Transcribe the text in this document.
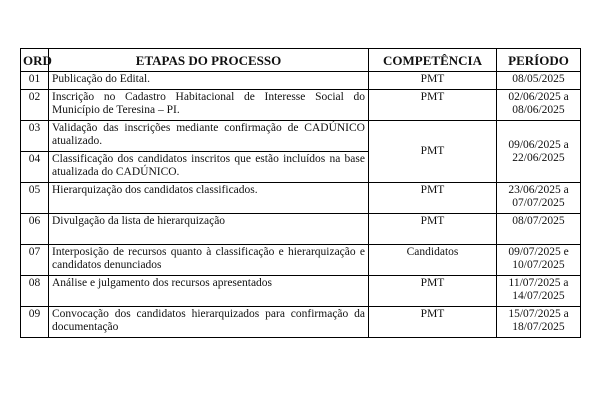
ORD	ETAPAS DO PROCESSO	COMPETÊNCIA	PERÍODO
01	Publicação do Edital.	PMT	08/05/2025
02	Inscrição no Cadastro Habitacional de Interesse Social do Município de Teresina – PI.	PMT	02/06/2025 a 08/06/2025
03	Validação das inscrições mediante confirmação de CADÚNICO atualizado.	PMT	09/06/2025 a 22/06/2025
04	Classificação dos candidatos inscritos que estão incluídos na base atualizada do CADÚNICO.		
05	Hierarquização dos candidatos classificados.	PMT	23/06/2025 a 07/07/2025
06	Divulgação da lista de hierarquização	PMT	08/07/2025
07	Interposição de recursos quanto à classificação e hierarquização e candidatos denunciados	Candidatos	09/07/2025 e 10/07/2025
08	Análise e julgamento dos recursos apresentados	PMT	11/07/2025 a 14/07/2025
09	Convocação dos candidatos hierarquizados para confirmação da documentação	PMT	15/07/2025 a 18/07/2025
